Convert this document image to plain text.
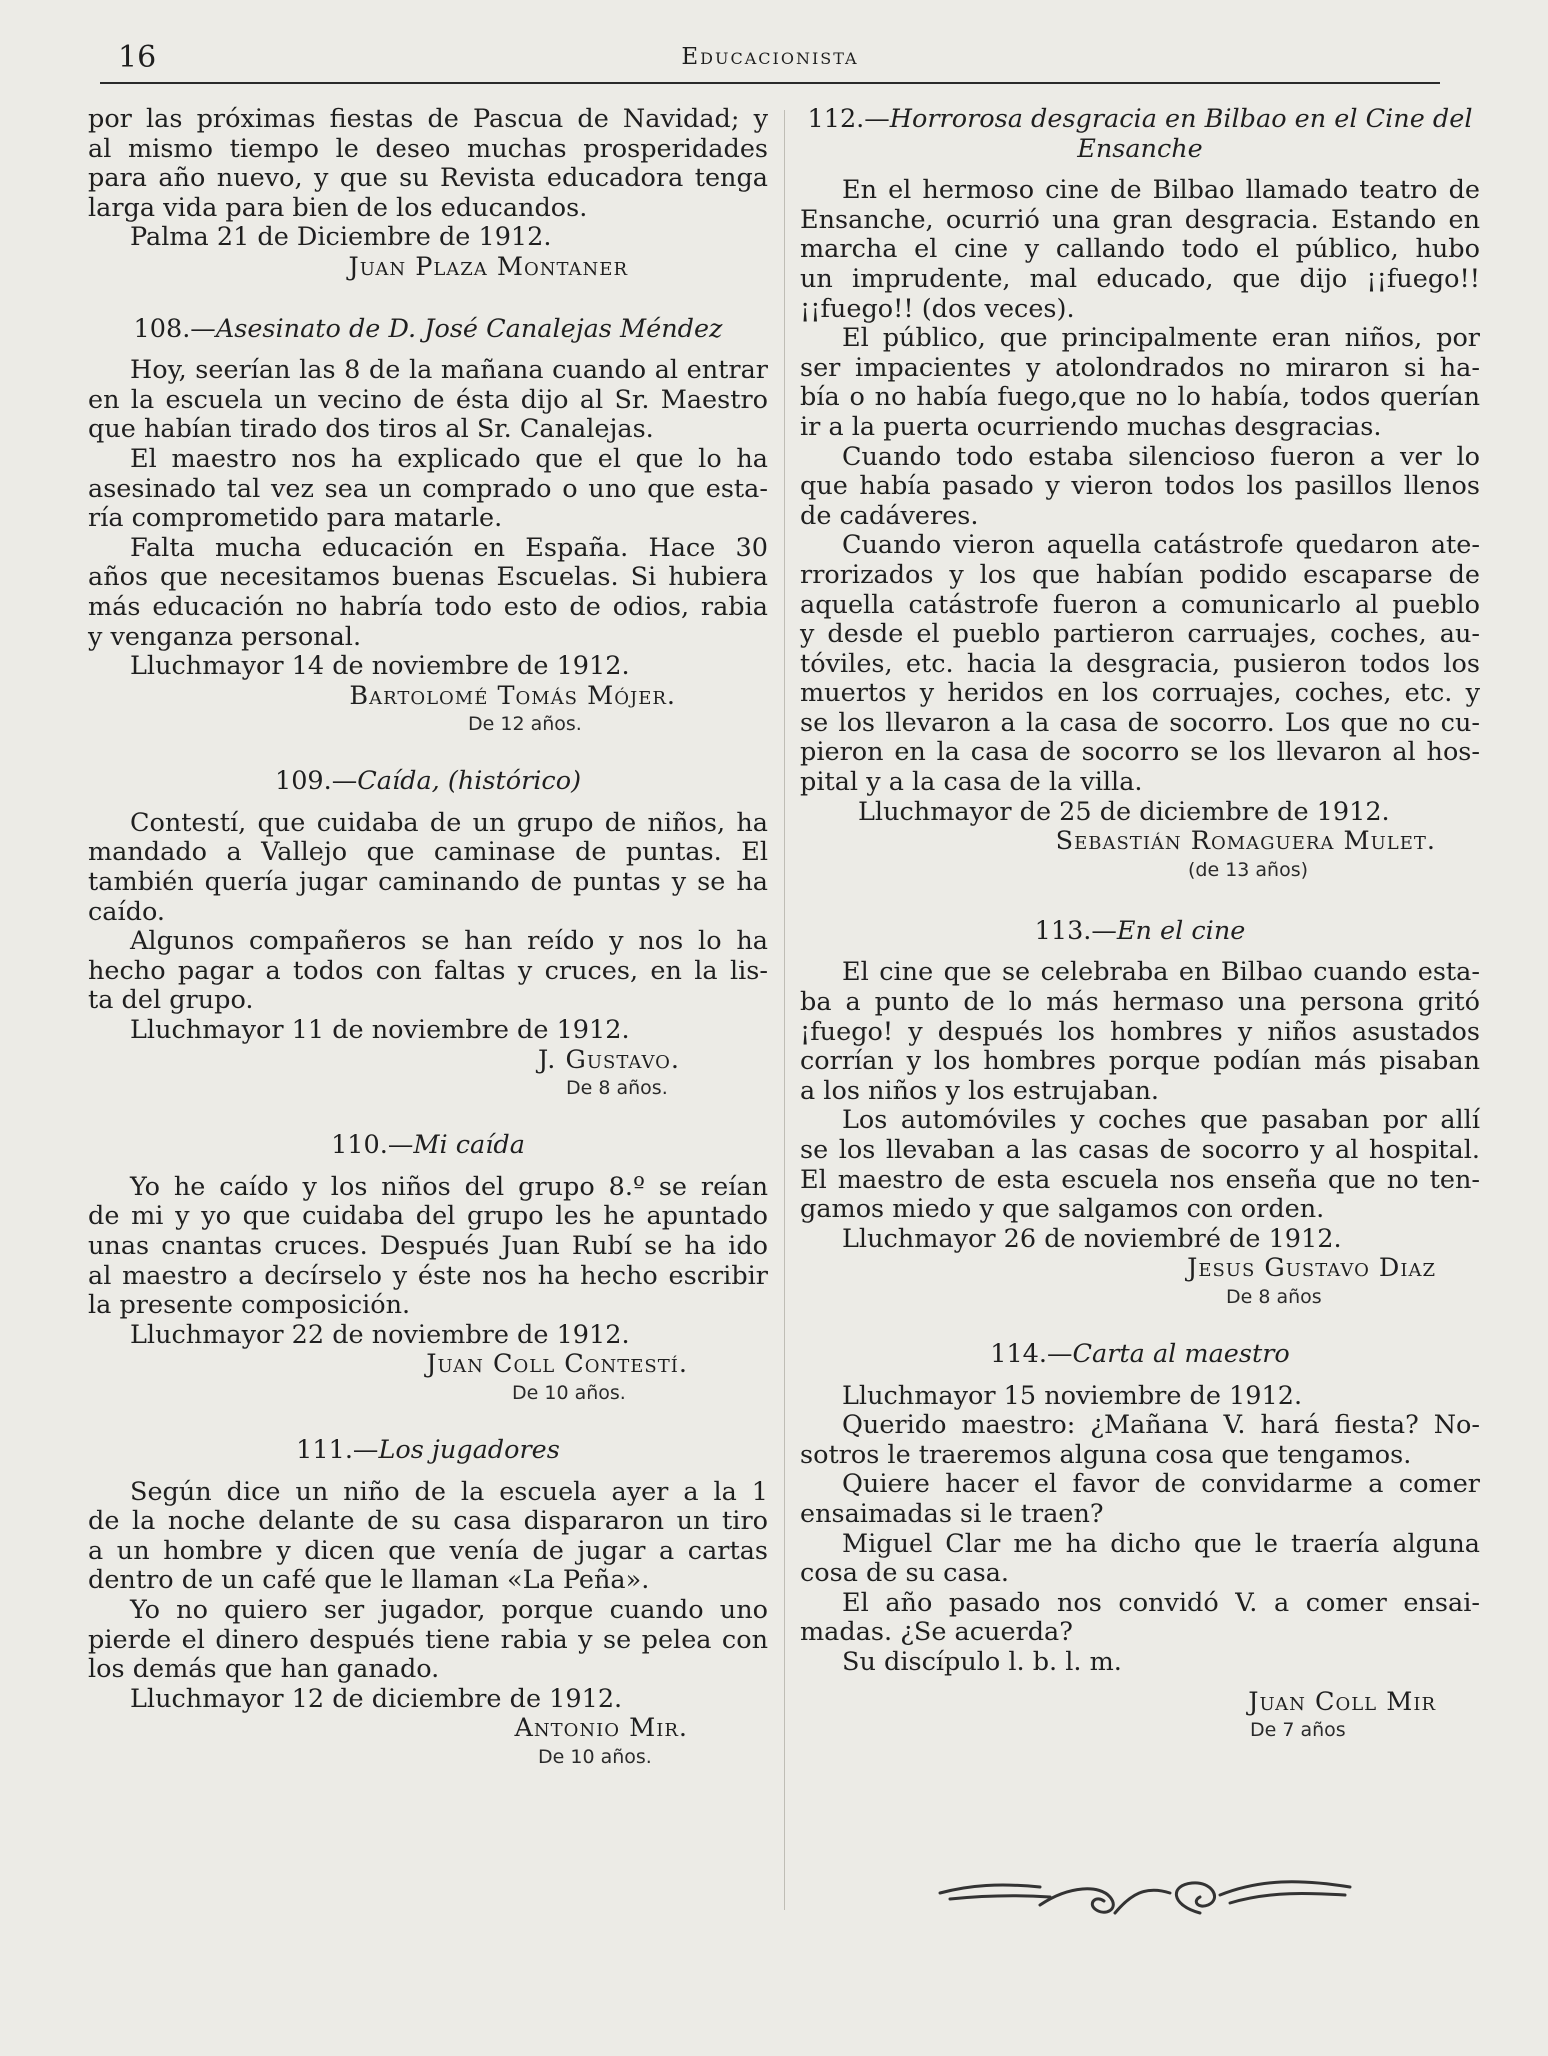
16	Educacionista
por las próximas fiestas de Pascua de Navidad; y
al mismo tiempo le deseo muchas prosperidades
para año nuevo, y que su Revista educadora tenga
larga vida para bien de los educandos.
Palma 21 de Diciembre de 1912.
Juan Plaza Montaner
108.—Asesinato de D. José Canalejas Méndez
Hoy, seerían las 8 de la mañana cuando al entrar
en la escuela un vecino de ésta dijo al Sr. Maestro
que habían tirado dos tiros al Sr. Canalejas.
El maestro nos ha explicado que el que lo ha
asesinado tal vez sea un comprado o uno que esta-
ría comprometido para matarle.
Falta mucha educación en España. Hace 30
años que necesitamos buenas Escuelas. Si hubiera
más educación no habría todo esto de odios, rabia
y venganza personal.
Lluchmayor 14 de noviembre de 1912.
Bartolomé Tomás Mójer.
De 12 años.
109.—Caída, (histórico)
Contestí, que cuidaba de un grupo de niños, ha
mandado a Vallejo que caminase de puntas. El
también quería jugar caminando de puntas y se ha
caído.
Algunos compañeros se han reído y nos lo ha
hecho pagar a todos con faltas y cruces, en la lis-
ta del grupo.
Lluchmayor 11 de noviembre de 1912.
J. Gustavo.
De 8 años.
110.—Mi caída
Yo he caído y los niños del grupo 8.º se reían
de mi y yo que cuidaba del grupo les he apuntado
unas cnantas cruces. Después Juan Rubí se ha ido
al maestro a decírselo y éste nos ha hecho escribir
la presente composición.
Lluchmayor 22 de noviembre de 1912.
Juan Coll Contestí.
De 10 años.
111.—Los jugadores
Según dice un niño de la escuela ayer a la 1
de la noche delante de su casa dispararon un tiro
a un hombre y dicen que venía de jugar a cartas
dentro de un café que le llaman «La Peña».
Yo no quiero ser jugador, porque cuando uno
pierde el dinero después tiene rabia y se pelea con
los demás que han ganado.
Lluchmayor 12 de diciembre de 1912.
Antonio Mir.
De 10 años.
112.—Horrorosa desgracia en Bilbao en el Cine del
Ensanche
En el hermoso cine de Bilbao llamado teatro de
Ensanche, ocurrió una gran desgracia. Estando en
marcha el cine y callando todo el público, hubo
un imprudente, mal educado, que dijo ¡¡fuego!!
¡¡fuego!! (dos veces).
El público, que principalmente eran niños, por
ser impacientes y atolondrados no miraron si ha-
bía o no había fuego,que no lo había, todos querían
ir a la puerta ocurriendo muchas desgracias.
Cuando todo estaba silencioso fueron a ver lo
que había pasado y vieron todos los pasillos llenos
de cadáveres.
Cuando vieron aquella catástrofe quedaron ate-
rrorizados y los que habían podido escaparse de
aquella catástrofe fueron a comunicarlo al pueblo
y desde el pueblo partieron carruajes, coches, au-
tóviles, etc. hacia la desgracia, pusieron todos los
muertos y heridos en los corruajes, coches, etc. y
se los llevaron a la casa de socorro. Los que no cu-
pieron en la casa de socorro se los llevaron al hos-
pital y a la casa de la villa.
Lluchmayor de 25 de diciembre de 1912.
Sebastián Romaguera Mulet.
(de 13 años)
113.—En el cine
El cine que se celebraba en Bilbao cuando esta-
ba a punto de lo más hermaso una persona gritó
¡fuego! y después los hombres y niños asustados
corrían y los hombres porque podían más pisaban
a los niños y los estrujaban.
Los automóviles y coches que pasaban por allí
se los llevaban a las casas de socorro y al hospital.
El maestro de esta escuela nos enseña que no ten-
gamos miedo y que salgamos con orden.
Lluchmayor 26 de noviembré de 1912.
Jesus Gustavo Diaz
De 8 años
114.—Carta al maestro
Lluchmayor 15 noviembre de 1912.
Querido maestro: ¿Mañana V. hará fiesta? No-
sotros le traeremos alguna cosa que tengamos.
Quiere hacer el favor de convidarme a comer
ensaimadas si le traen?
Miguel Clar me ha dicho que le traería alguna
cosa de su casa.
El año pasado nos convidó V. a comer ensai-
madas. ¿Se acuerda?
Su discípulo l. b. l. m.
Juan Coll Mir
De 7 años
